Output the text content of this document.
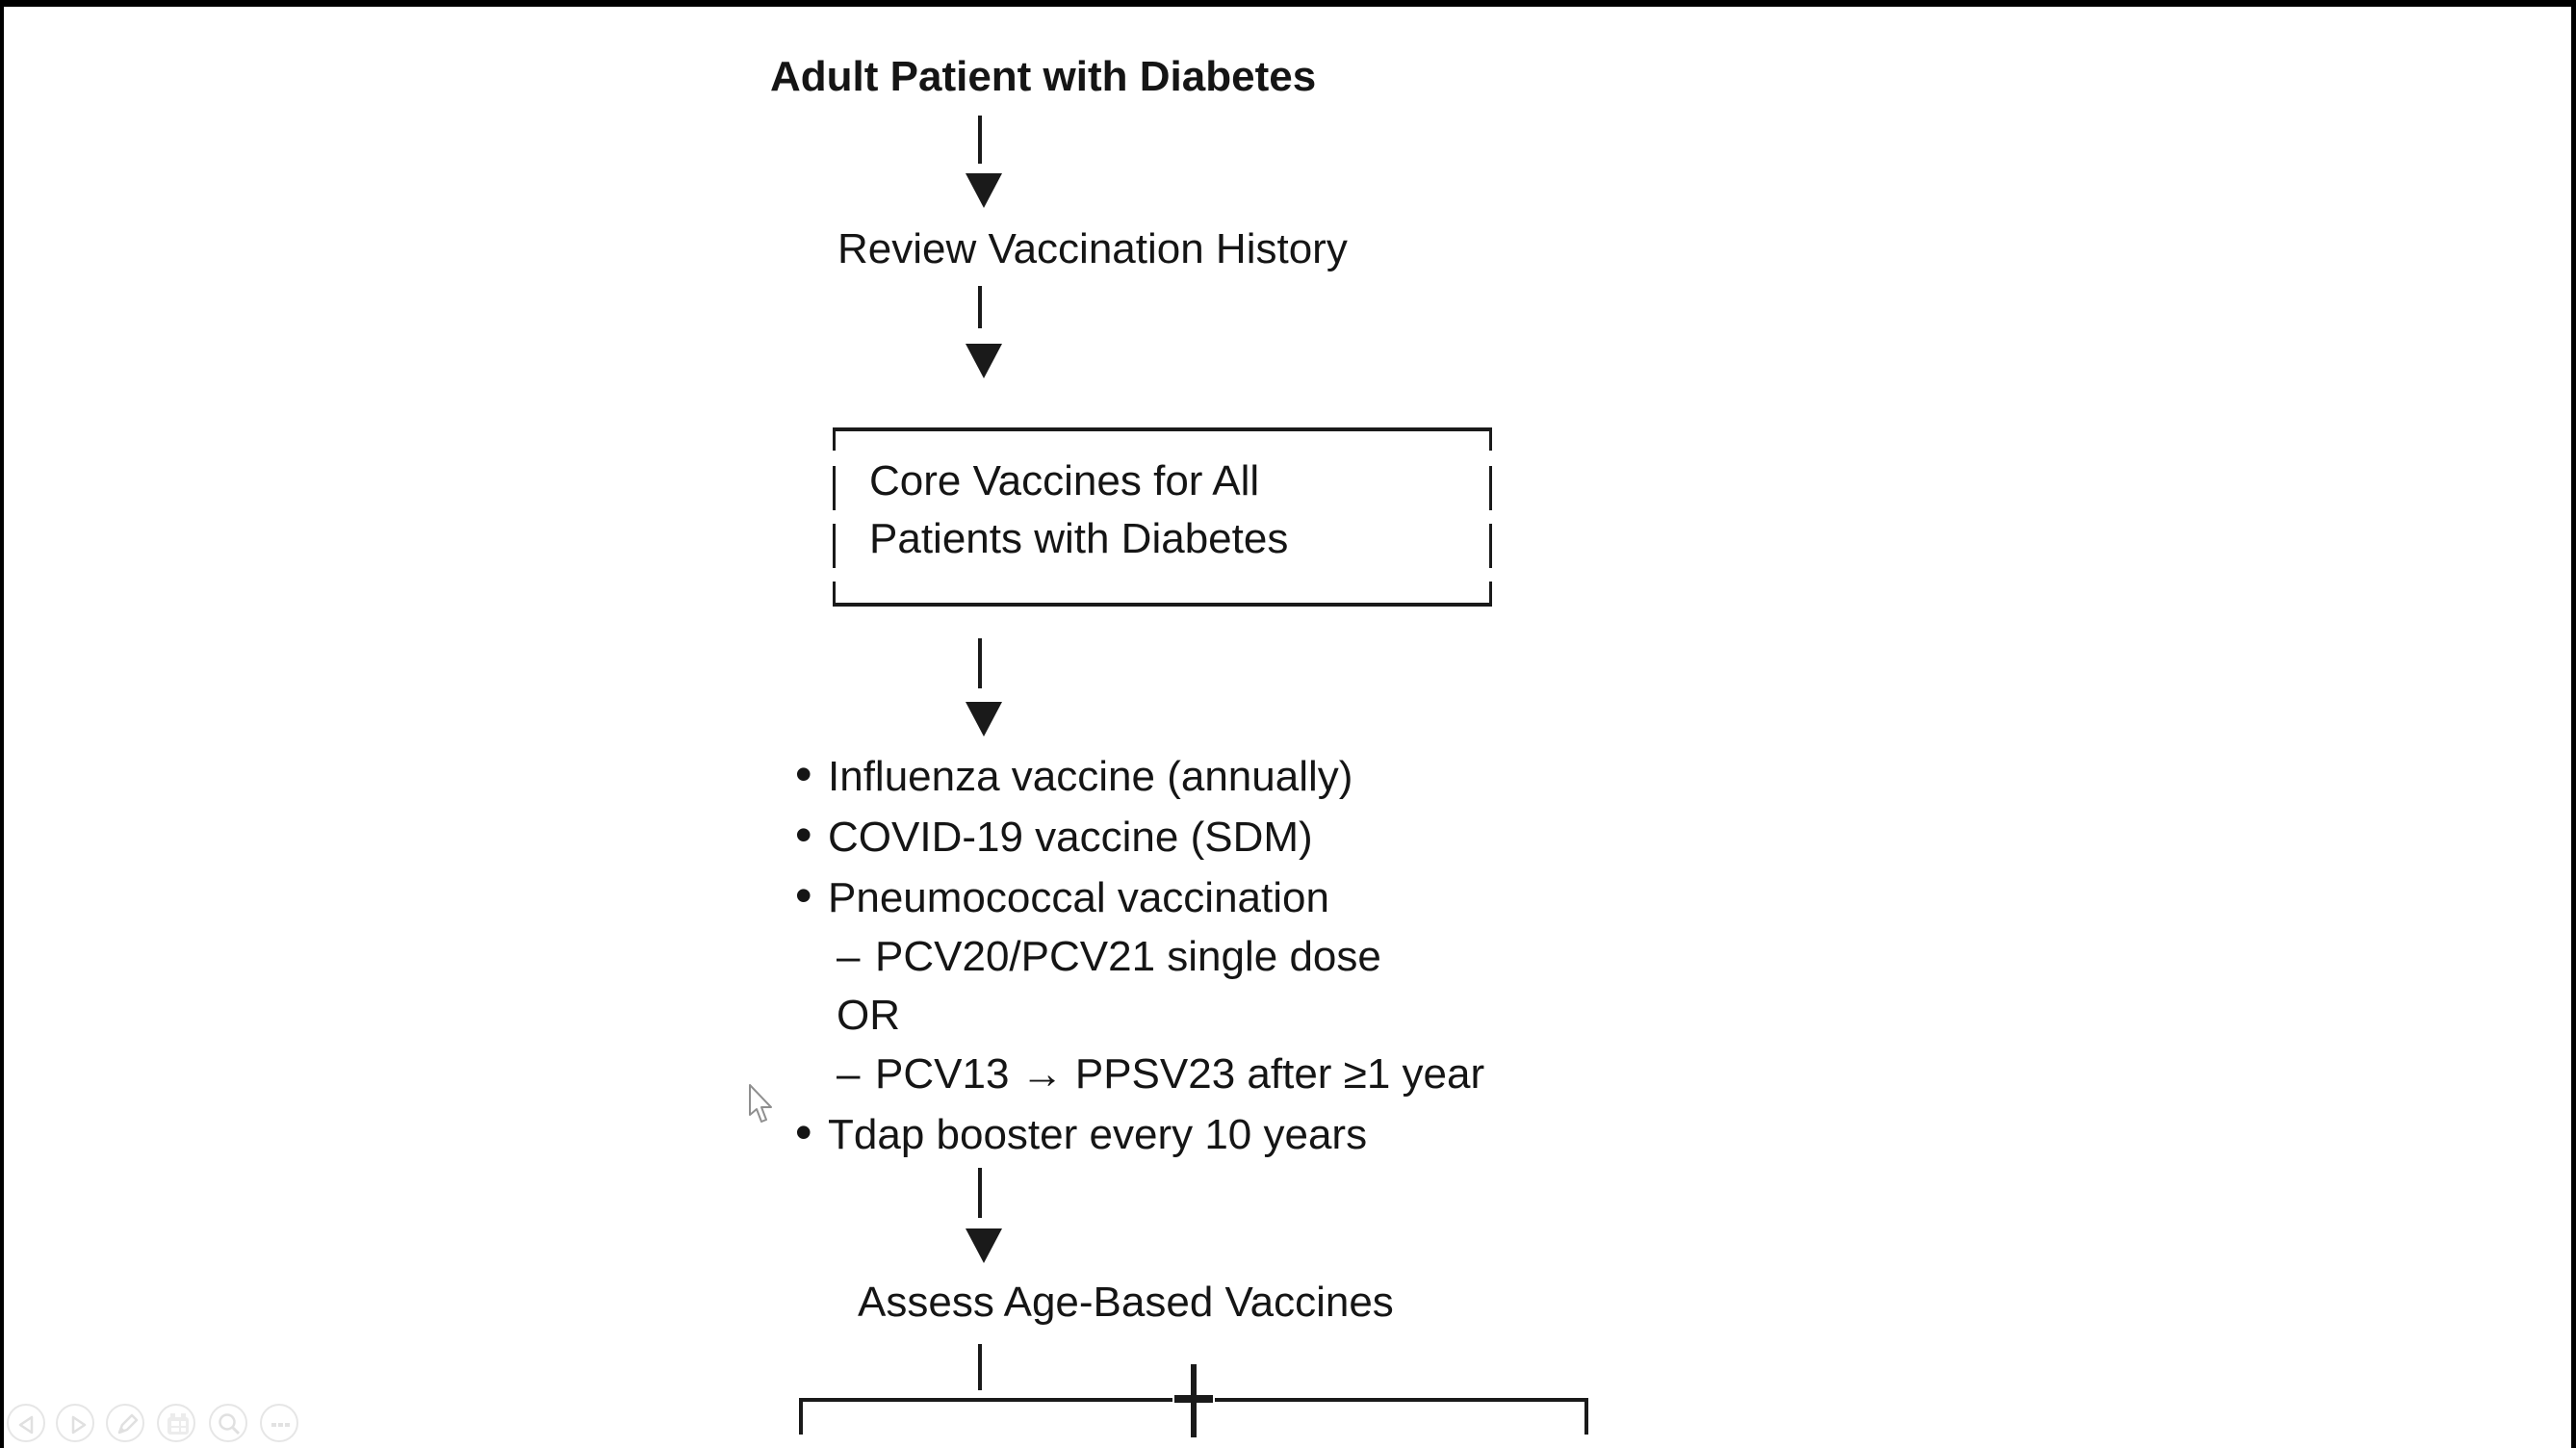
Adult Patient with Diabetes
Review Vaccination History
Core Vaccines for All
Patients with Diabetes
• Influenza vaccine (annually)
• COVID-19 vaccine (SDM)
• Pneumococcal vaccination
– PCV20/PCV21 single dose
OR
– PCV13 → PPSV23 after ≥1 year
• Tdap booster every 10 years
Assess Age-Based Vaccines
